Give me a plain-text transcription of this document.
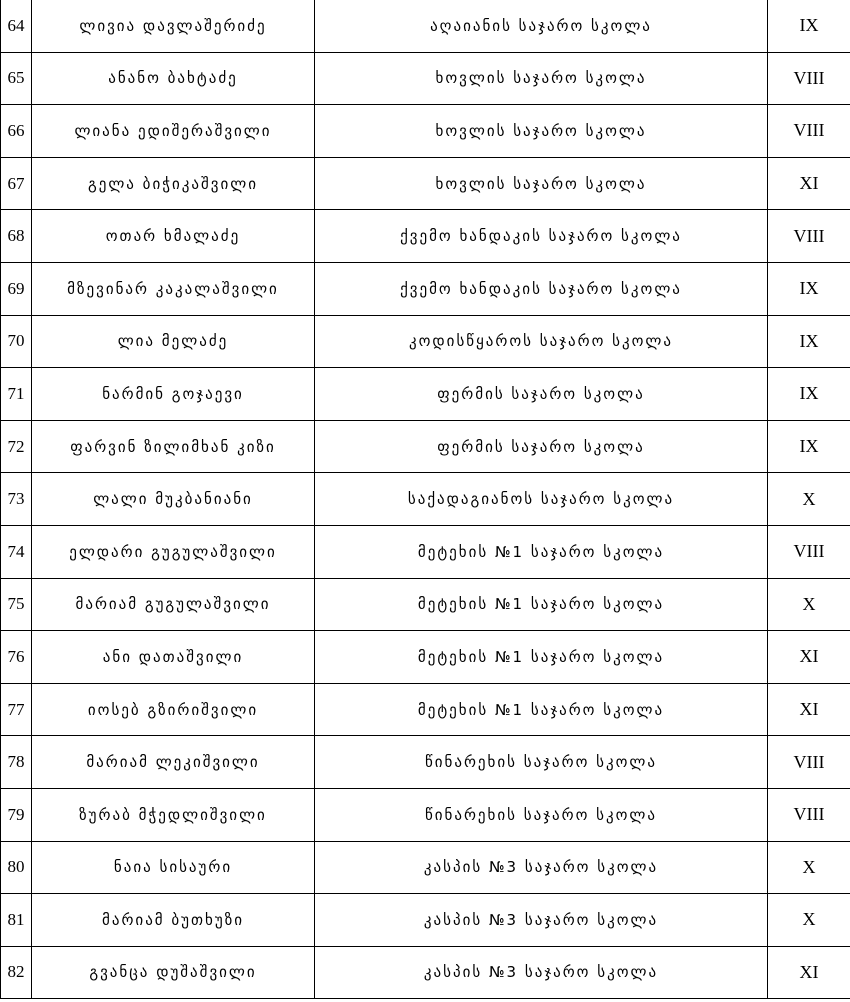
64	ლივია დავლაშერიძე	აღაიანის საჯარო სკოლა	IX
65	ანანო ბახტაძე	ხოვლის საჯარო სკოლა	VIII
66	ლიანა ედიშერაშვილი	ხოვლის საჯარო სკოლა	VIII
67	გელა ბიჭიკაშვილი	ხოვლის საჯარო სკოლა	XI
68	ოთარ ხმალაძე	ქვემო ხანდაკის საჯარო სკოლა	VIII
69	მზევინარ კაკალაშვილი	ქვემო ხანდაკის საჯარო სკოლა	IX
70	ლია მელაძე	კოდისწყაროს საჯარო სკოლა	IX
71	ნარმინ გოჯაევი	ფერმის საჯარო სკოლა	IX
72	ფარვინ ზილიმხან კიზი	ფერმის საჯარო სკოლა	IX
73	ლალი მუკბანიანი	საქადაგიანოს საჯარო სკოლა	X
74	ელდარი გუგულაშვილი	მეტეხის №1 საჯარო სკოლა	VIII
75	მარიამ გუგულაშვილი	მეტეხის №1 საჯარო სკოლა	X
76	ანი დათაშვილი	მეტეხის №1 საჯარო სკოლა	XI
77	იოსებ გზირიშვილი	მეტეხის №1 საჯარო სკოლა	XI
78	მარიამ ლეკიშვილი	წინარეხის საჯარო სკოლა	VIII
79	ზურაბ მჭედლიშვილი	წინარეხის საჯარო სკოლა	VIII
80	ნაია სისაური	კასპის №3 საჯარო სკოლა	X
81	მარიამ ბუთხუზი	კასპის №3 საჯარო სკოლა	X
82	გვანცა დუშაშვილი	კასპის №3 საჯარო სკოლა	XI
